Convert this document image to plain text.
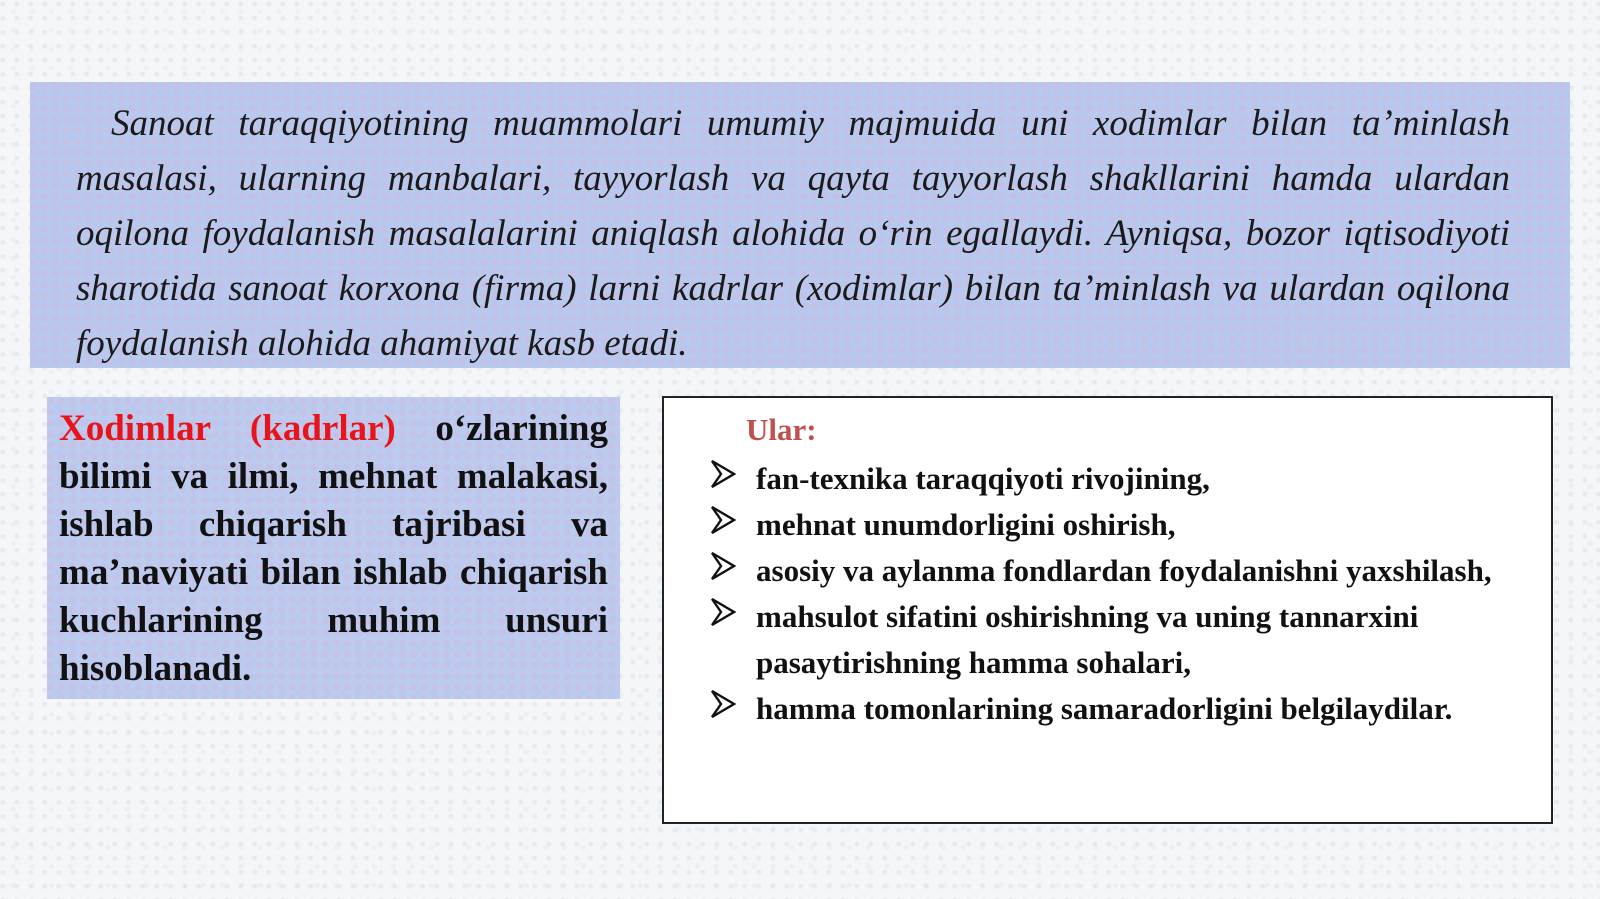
Sanoat taraqqiyotining muammolari umumiy majmuida uni xodimlar bilan ta’minlash masalasi, ularning manbalari, tayyorlash va qayta tayyorlash shakllarini hamda ulardan oqilona foydalanish masalalarini aniqlash alohida o‘rin egallaydi. Ayniqsa, bozor iqtisodiyoti sharotida sanoat korxona (firma) larni kadrlar (xodimlar) bilan ta’minlash va ulardan oqilona foydalanish alohida ahamiyat kasb etadi.

Xodimlar (kadrlar) o‘zlarining bilimi va ilmi, mehnat malakasi, ishlab chiqarish tajribasi va ma’naviyati bilan ishlab chiqarish kuchlarining muhim unsuri hisoblanadi.

Ular:

fan-texnika taraqqiyoti rivojining,
mehnat unumdorligini oshirish,
asosiy va aylanma fondlardan foydalanishni yaxshilash,
mahsulot sifatini oshirishning va uning tannarxini pasaytirishning hamma sohalari,
hamma tomonlarining samaradorligini belgilaydilar.
